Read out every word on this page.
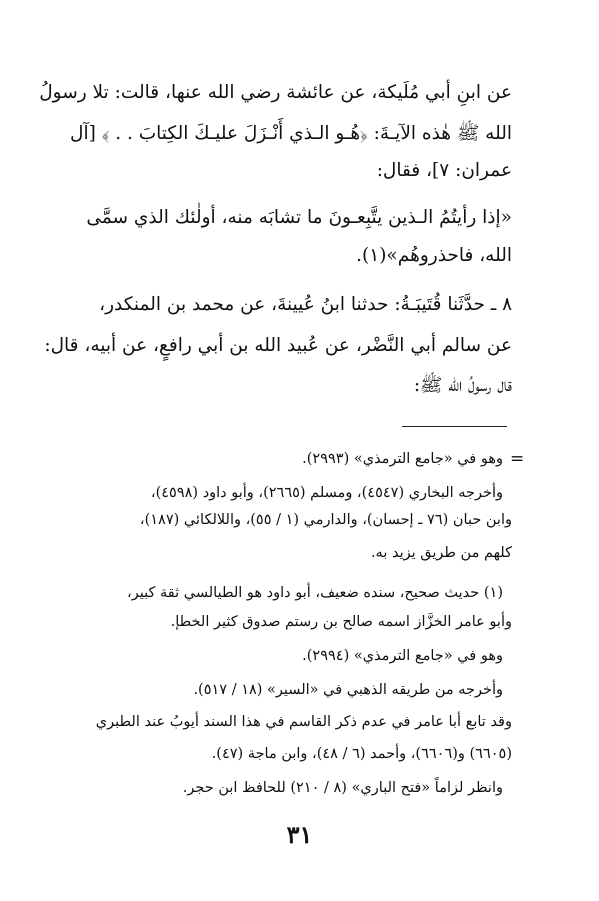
عن ابنِ أبي مُلَيكة، عن عائشة رضي الله عنها، قالت: تلا رسولُ
الله ﷺ هٰذه الآيـةَ: ﴿هُـو الـذي أَنْـزَلَ عليـكَ الكِتابَ . . ﴾ [آل
عمران: ٧]، فقال:
«إذا رأيتُمُ الـذين يتَّبِعـونَ ما تشابَه منه، أولٰئك الذي سمَّى
الله، فاحذروهُم»(١).
٨ ـ حدَّثَنا قُتَيبَـةُ: حدثنا ابنُ عُيينةَ، عن محمد بن المنكدر،
عن سالم أبي النَّضْر، عن عُبيد الله بن أبي رافعٍ، عن أبيه، قال:
قال رسولُ الله ﷺ:
=
وهو في «جامع الترمذي» (٢٩٩٣).
وأخرجه البخاري (٤٥٤٧)، ومسلم (٢٦٦٥)، وأبو داود (٤٥٩٨)،
وابن حبان (٧٦ ـ إحسان)، والدارمي (١ / ٥٥)، واللالكائي (١٨٧)،
كلهم من طريق يزيد به.
(١) حديث صحيح، سنده ضعيف، أبو داود هو الطيالسي ثقة كبير،
وأبو عامر الخزَّاز اسمه صالح بن رستم صدوق كثير الخطإ.
وهو في «جامع الترمذي» (٢٩٩٤).
وأخرجه من طريقه الذهبي في «السير» (١٨ / ٥١٧).
وقد تابع أبا عامر في عدم ذكر القاسم في هذا السند أيوبُ عند الطبري
(٦٦٠٥) و(٦٦٠٦)، وأحمد (٦ / ٤٨)، وابن ماجة (٤٧).
وانظر لزاماً «فتح الباري» (٨ / ٢١٠) للحافظ ابن حجر.
٣١
